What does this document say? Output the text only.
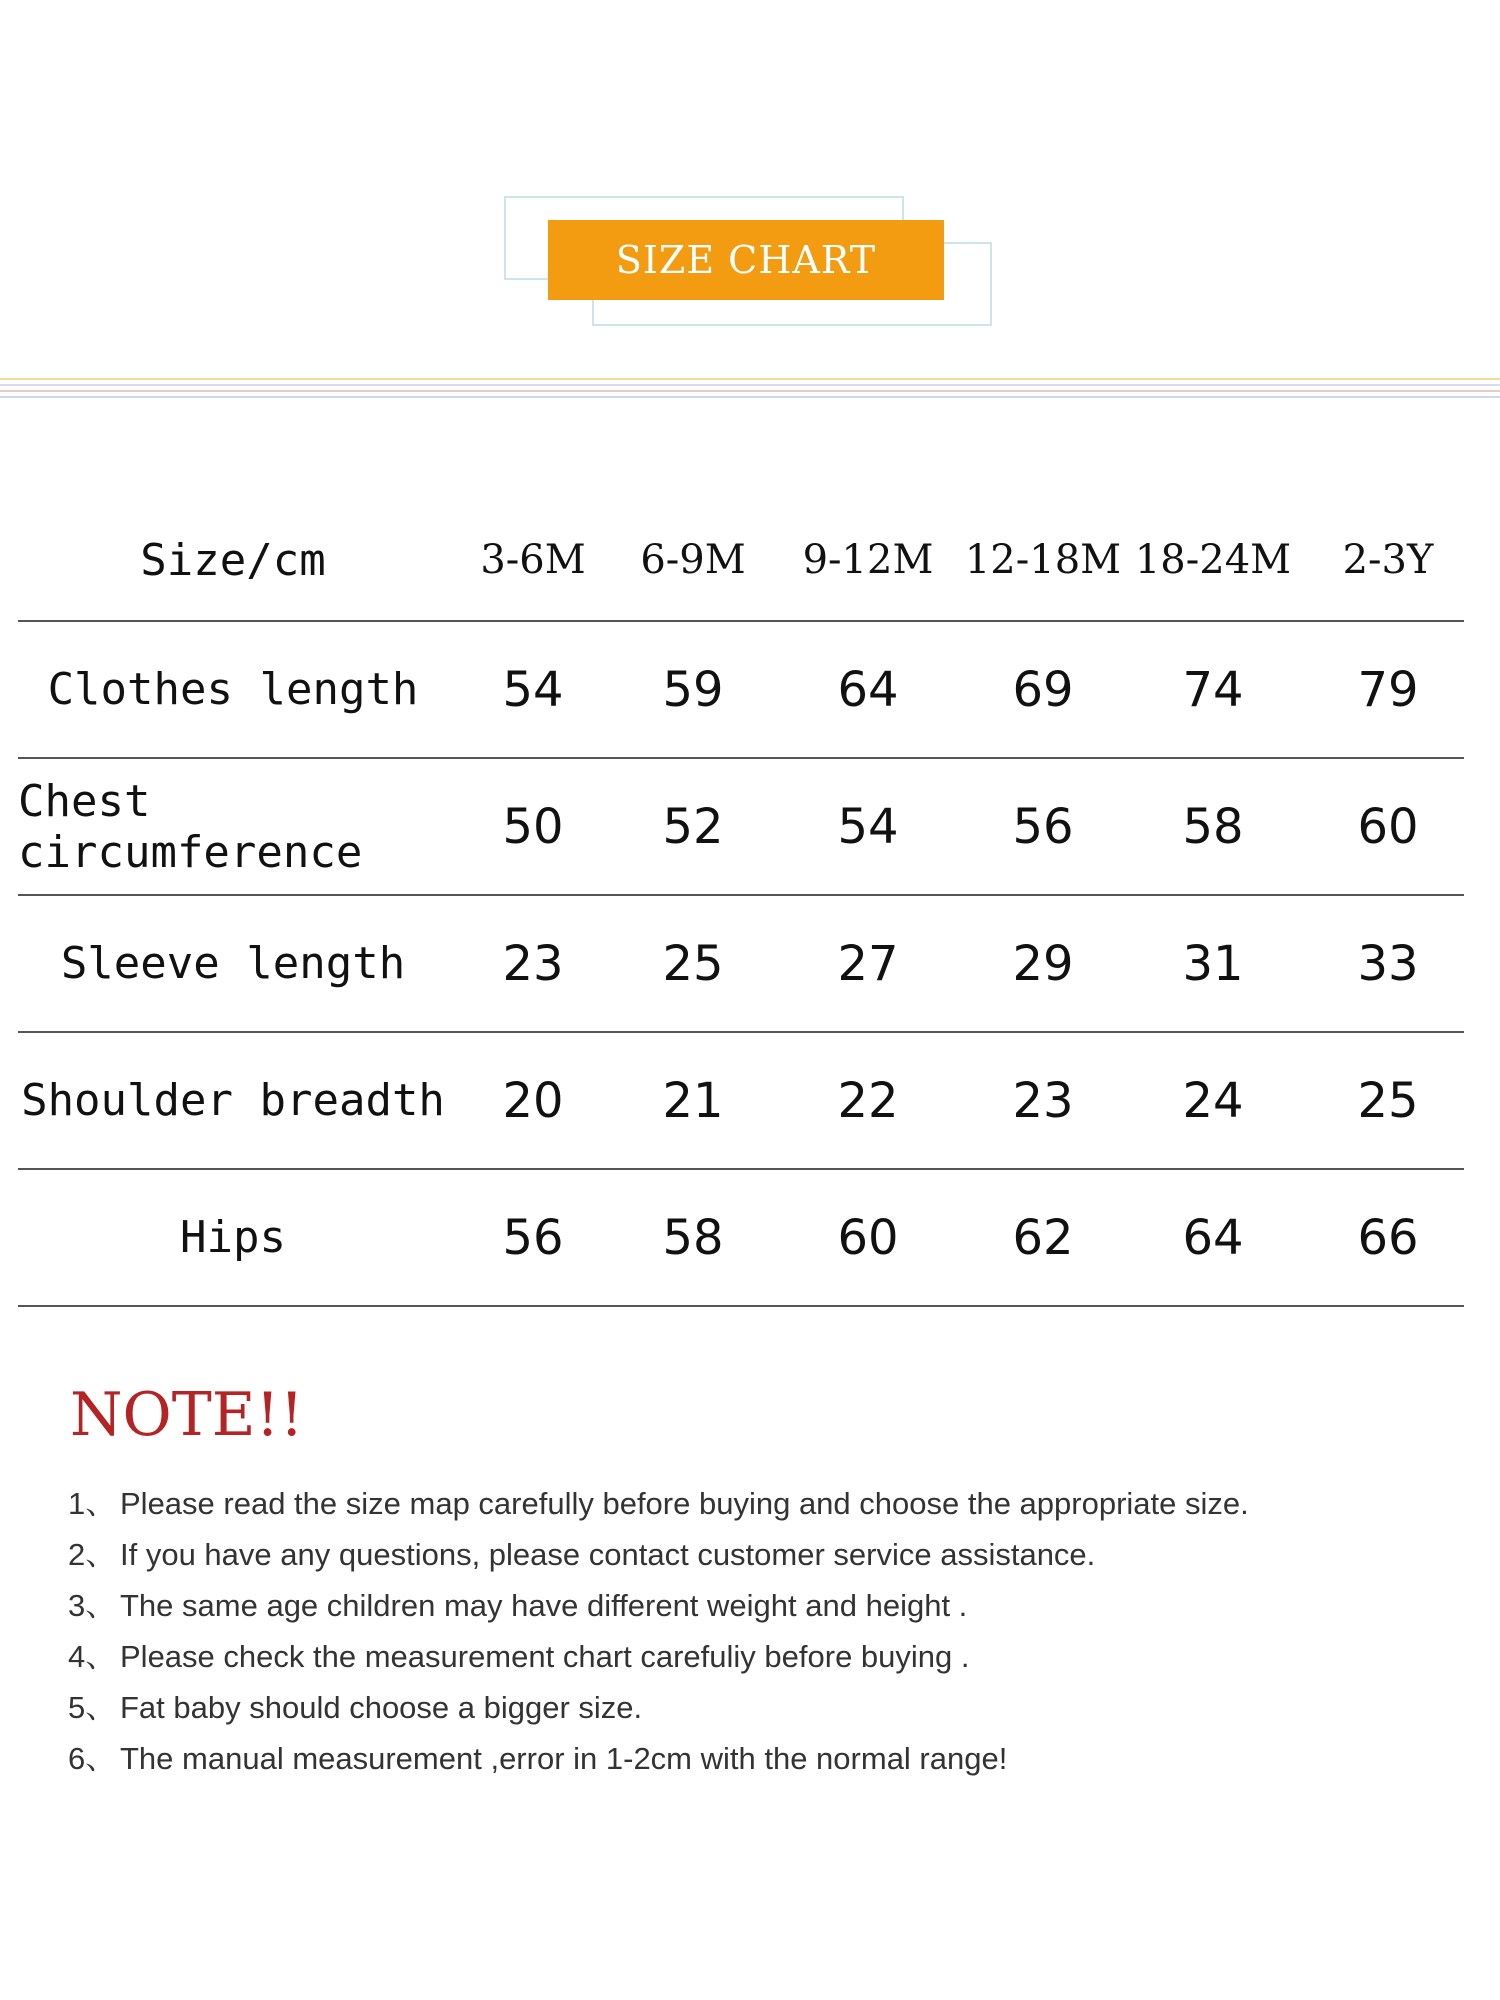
SIZE CHART
Size/cm	3-6M	6-9M	9-12M 12-18M 18-24M	2-3Y
Clothes length	54	59	64	69	74	79
Chest circumference	50	52	54	56	58	60
Sleeve length	23	25	27	29	31	33
Shoulder breadth	20	21	22	23	24	25
Hips	56	58	60	62	64	66
NOTE!!
1、 Please read the size map carefully before buying and choose the appropriate size.
2、 If you have any questions, please contact customer service assistance.
3、 The same age children may have different weight and height .
4、 Please check the measurement chart carefuliy before buying .
5、 Fat baby should choose a bigger size.
6、 The manual measurement ,error in 1-2cm with the normal range!
